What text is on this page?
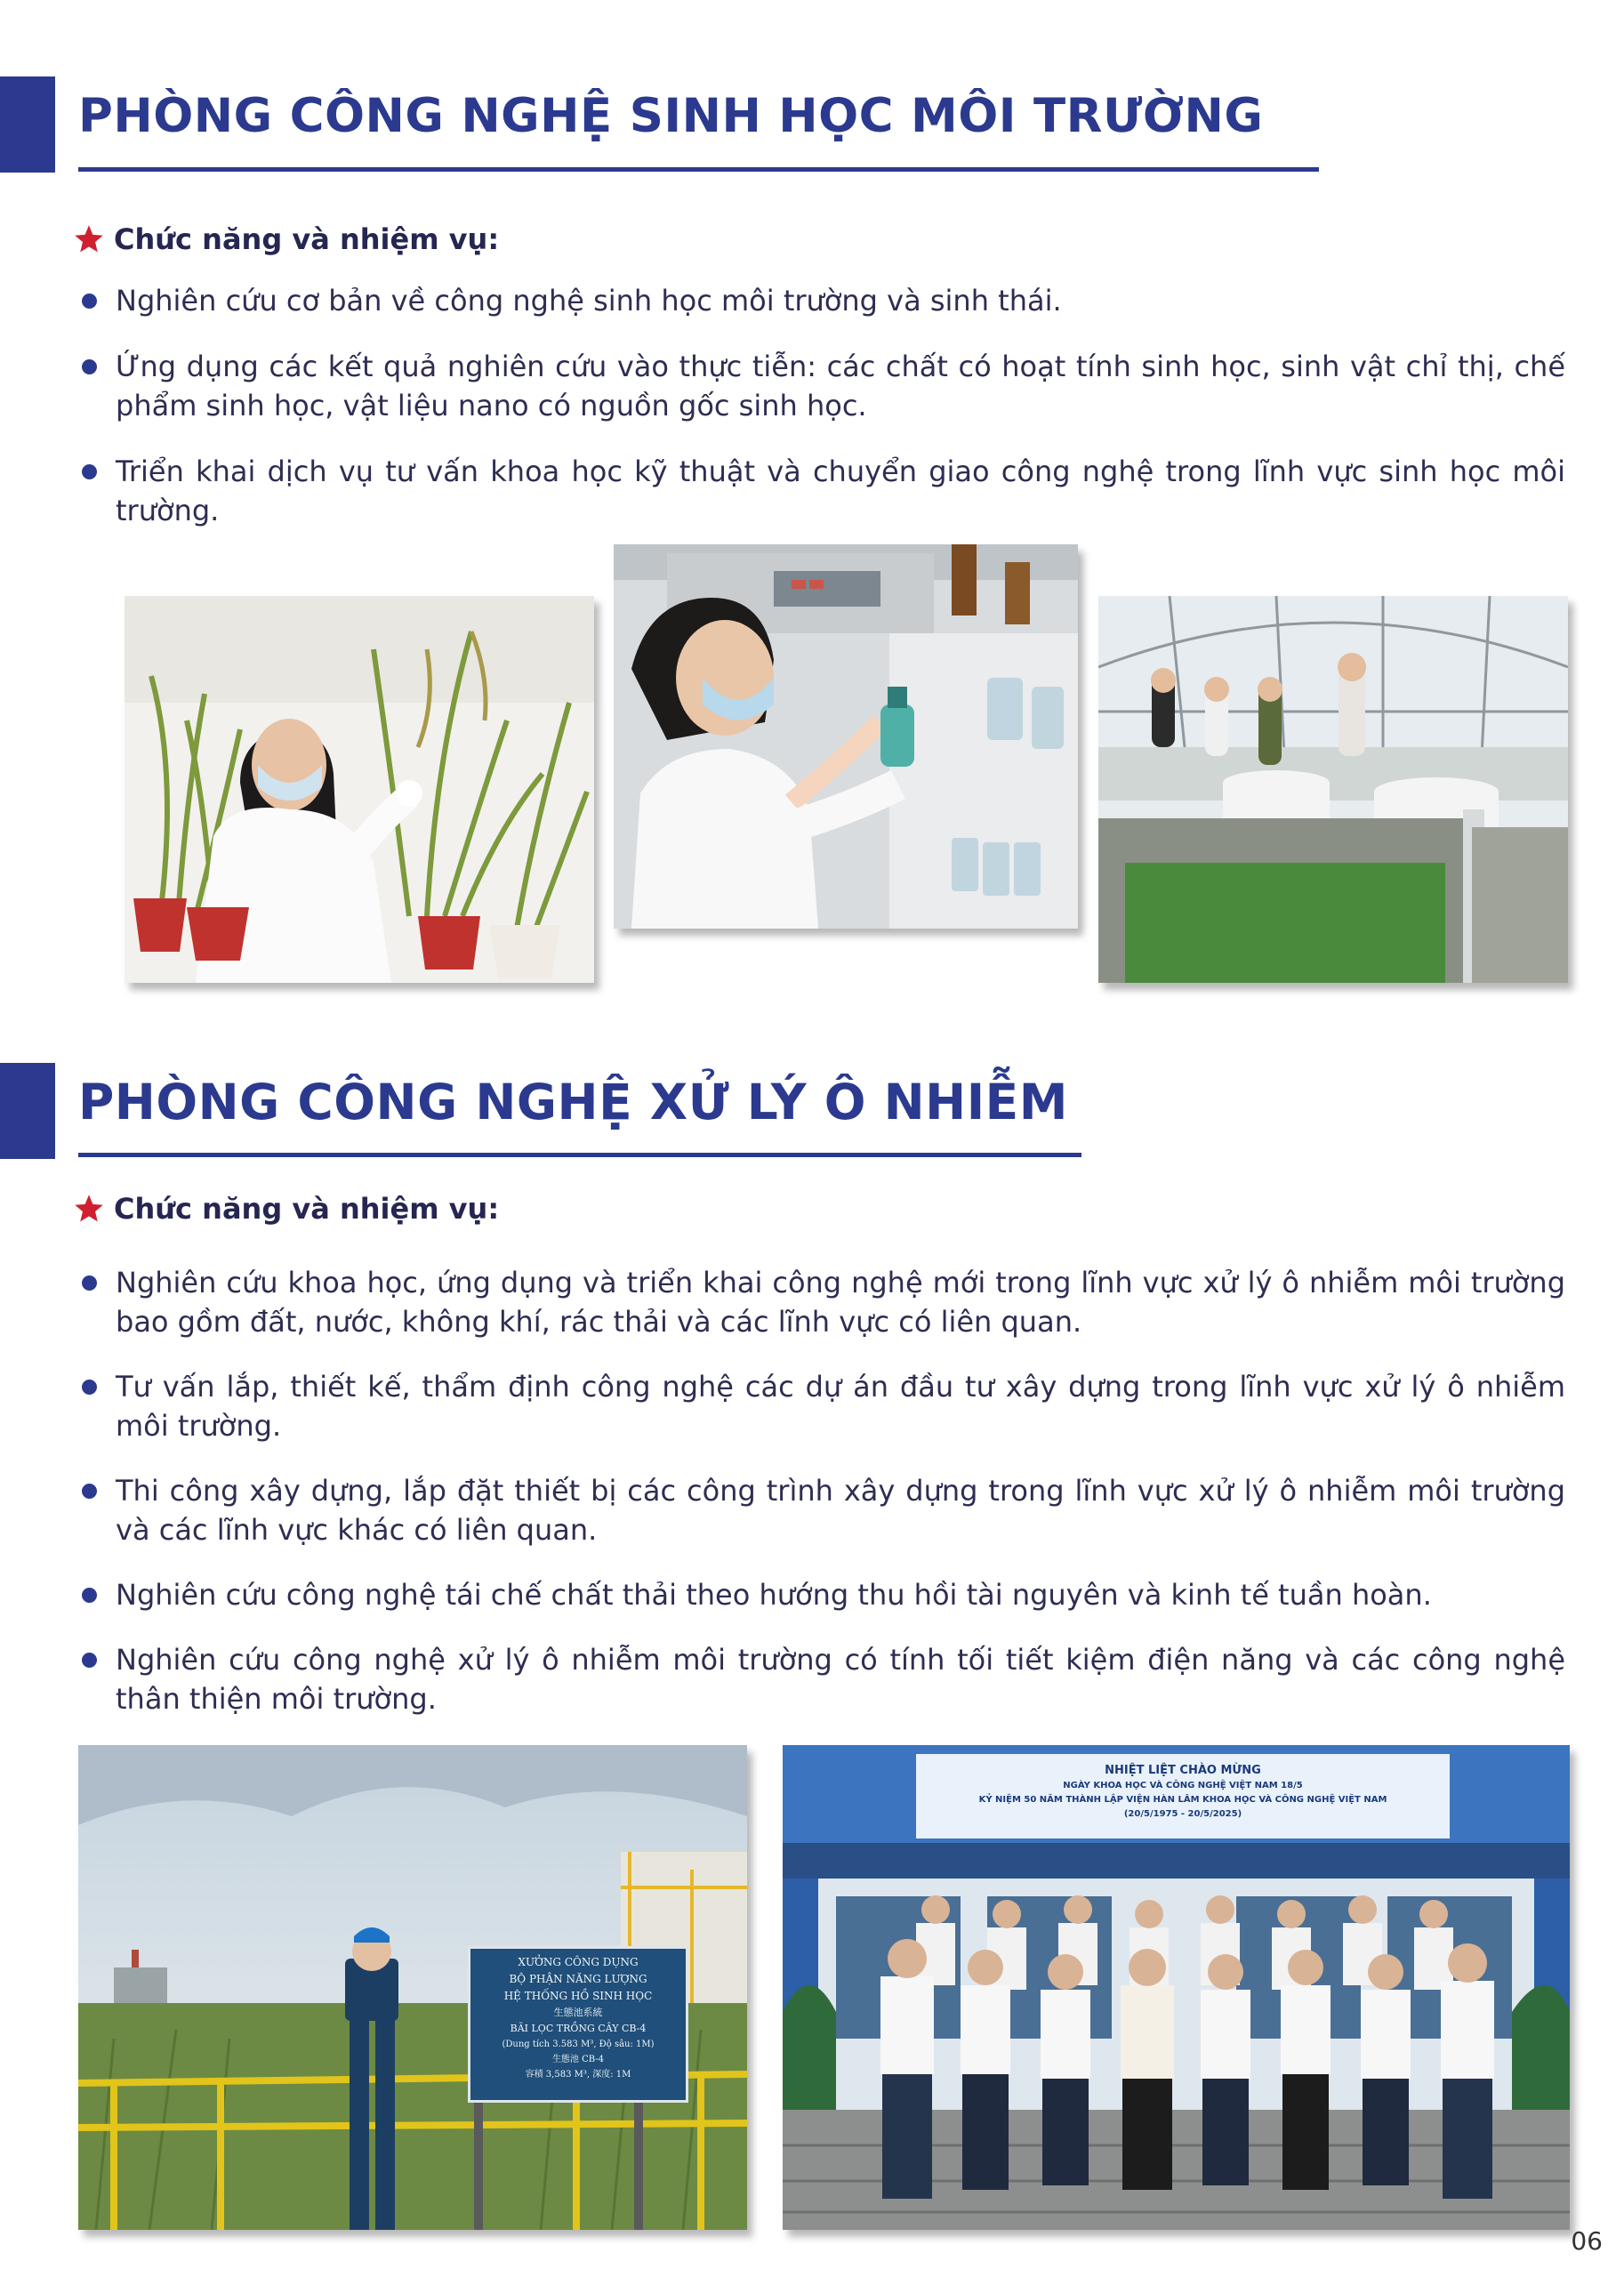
PHÒNG CÔNG NGHỆ SINH HỌC MÔI TRƯỜNG
Chức năng và nhiệm vụ:
Nghiên cứu cơ bản về công nghệ sinh học môi trường và sinh thái.
Ứng dụng các kết quả nghiên cứu vào thực tiễn: các chất có hoạt tính sinh học, sinh vật chỉ thị, chế phẩm sinh học, vật liệu nano có nguồn gốc sinh học.
Triển khai dịch vụ tư vấn khoa học kỹ thuật và chuyển giao công nghệ trong lĩnh vực sinh học môi trường.
PHÒNG CÔNG NGHỆ XỬ LÝ Ô NHIỄM
Chức năng và nhiệm vụ:
Nghiên cứu khoa học, ứng dụng và triển khai công nghệ mới trong lĩnh vực xử lý ô nhiễm môi trường bao gồm đất, nước, không khí, rác thải và các lĩnh vực có liên quan.
Tư vấn lắp, thiết kế, thẩm định công nghệ các dự án đầu tư xây dựng trong lĩnh vực xử lý ô nhiễm môi trường.
Thi công xây dựng, lắp đặt thiết bị các công trình xây dựng trong lĩnh vực xử lý ô nhiễm môi trường và các lĩnh vực khác có liên quan.
Nghiên cứu công nghệ tái chế chất thải theo hướng thu hồi tài nguyên và kinh tế tuần hoàn.
Nghiên cứu công nghệ xử lý ô nhiễm môi trường có tính tối tiết kiệm điện năng và các công nghệ thân thiện môi trường.
XƯỞNG CÔNG DỤNG
BỘ PHẬN NĂNG LƯỢNG
HỆ THỐNG HỒ SINH HỌC
生態池系統
BÃI LỌC TRỒNG CÂY CB-4
(Dung tích 3.583 M³, Độ sâu: 1M)
生態池 CB-4
容積 3,583 M³, 深度: 1M
NHIỆT LIỆT CHÀO MỪNG
NGÀY KHOA HỌC VÀ CÔNG NGHỆ VIỆT NAM 18/5
KỶ NIỆM 50 NĂM THÀNH LẬP VIỆN HÀN LÂM KHOA HỌC VÀ CÔNG NGHỆ VIỆT NAM
(20/5/1975 - 20/5/2025)
06
